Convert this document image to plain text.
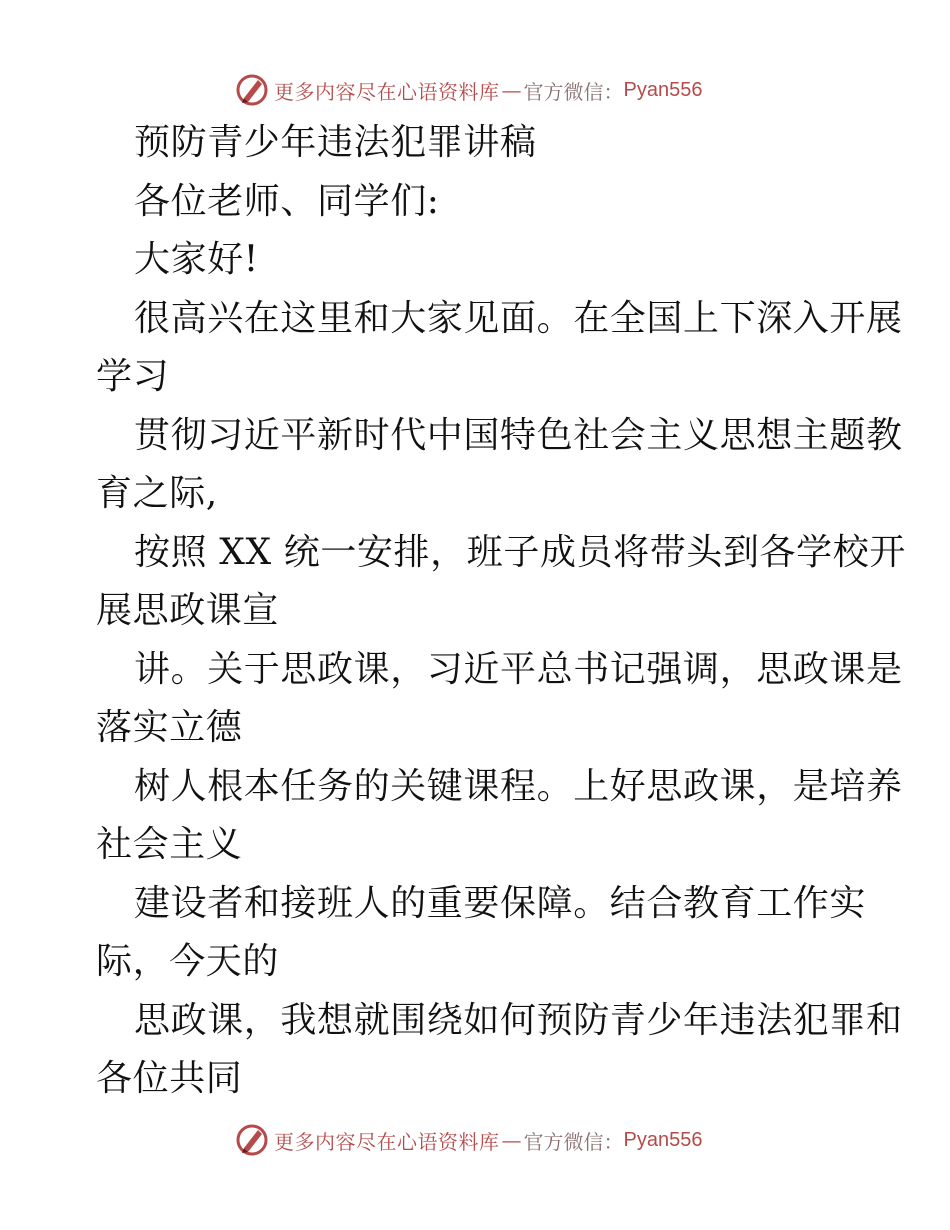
更多内容尽在心语资料库 — 官方微信： Pyan556

预防青少年违法犯罪讲稿

各位老师、同学们:

大家好!

很高兴在这里和大家见面。在全国上下深入开展

学习

贯彻习近平新时代中国特色社会主义思想主题教

育之际,

按照 XX 统一安排，班子成员将带头到各学校开

展思政课宣

讲。关于思政课，习近平总书记强调，思政课是

落实立德

树人根本任务的关键课程。上好思政课，是培养

社会主义

建设者和接班人的重要保障。结合教育工作实

际，今天的

思政课，我想就围绕如何预防青少年违法犯罪和

各位共同

更多内容尽在心语资料库 — 官方微信： Pyan556
